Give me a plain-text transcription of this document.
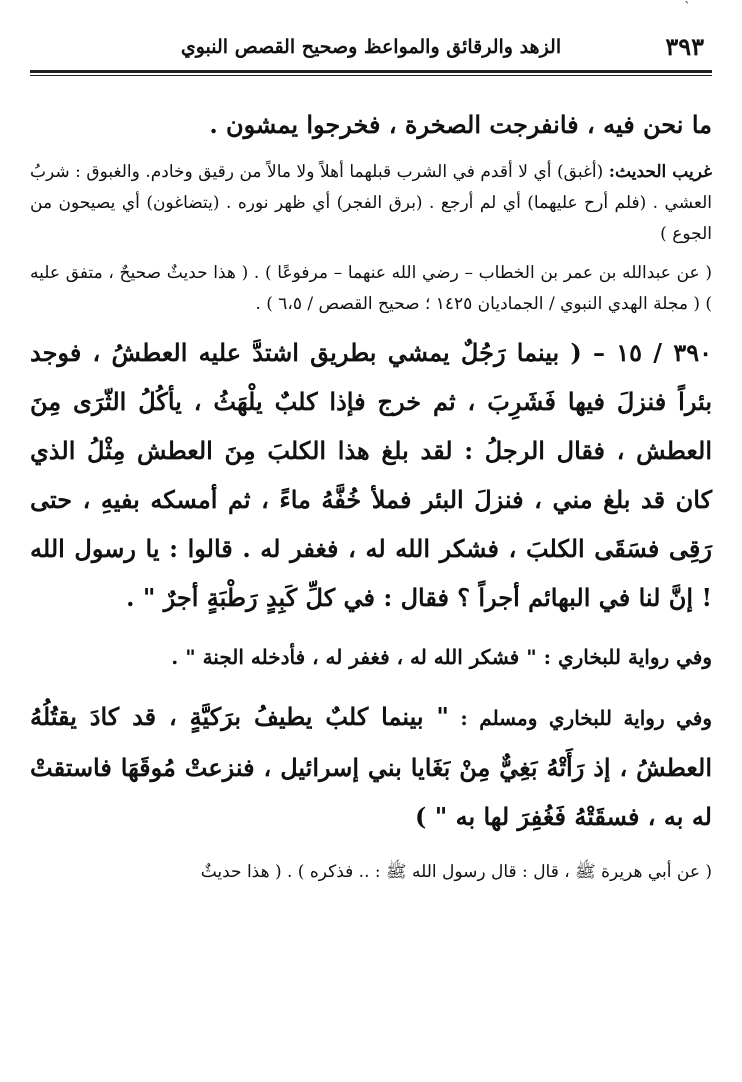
`
٣٩٣
الزهد والرقائق والمواعظ وصحيح القصص النبوي

ما نحن فيه ، فانفرجت الصخرة ، فخرجوا يمشون .

غريب الحديث: (أغبق) أي لا أقدم في الشرب قبلهما أهلاً ولا مالاً من رقيق وخادم. والغبوق : شربُ العشي . (فلم أرح عليهما) أي لم أرجع . (برق الفجر) أي ظهر نوره . (يتضاغون) أي يصيحون من الجوع )

( عن عبدالله بن عمر بن الخطاب – رضي الله عنهما – مرفوعًا ) . ( هذا حديثٌ صحيحٌ ، متفق عليه ) ( مجلة الهدي النبوي / الجماديان ١٤٢٥ ؛ صحيح القصص / ٦،٥ ) .

٣٩٠ / ١٥ – ( بينما رَجُلٌ يمشي بطريق اشتدَّ عليه العطشُ ، فوجد بئراً فنزلَ فيها فَشَرِبَ ، ثم خرج فإذا كلبٌ يلْهَثُ ، يأكُلُ الثّرَى مِنَ العطش ، فقال الرجلُ : لقد بلغ هذا الكلبَ مِنَ العطش مِثْلُ الذي كان قد بلغ مني ، فنزلَ البئر فملأ خُفَّهُ ماءً ، ثم أمسكه بفيهِ ، حتى رَقِى فسَقَى الكلبَ ، فشكر الله له ، فغفر له . قالوا : يا رسول الله ! إنَّ لنا في البهائم أجراً ؟ فقال : في كلِّ كَبِدٍ رَطْبَةٍ أجرٌ " .

وفي رواية للبخاري : " فشكر الله له ، فغفر له ، فأدخله الجنة " .

وفي رواية للبخاري ومسلم : " بينما كلبٌ يطيفُ برَكيَّةٍ ، قد كادَ يقتُلُهُ العطشُ ، إذ رَأَتْهُ بَغِيٌّ مِنْ بَغَايا بني إسرائيل ، فنزعتْ مُوقَهَا فاستقتْ له به ، فسقَتْهُ فَغُفِرَ لها به " )

( عن أبي هريرة ﷺ ، قال : قال رسول الله ﷺ : .. فذكره ) . ( هذا حديثٌ
